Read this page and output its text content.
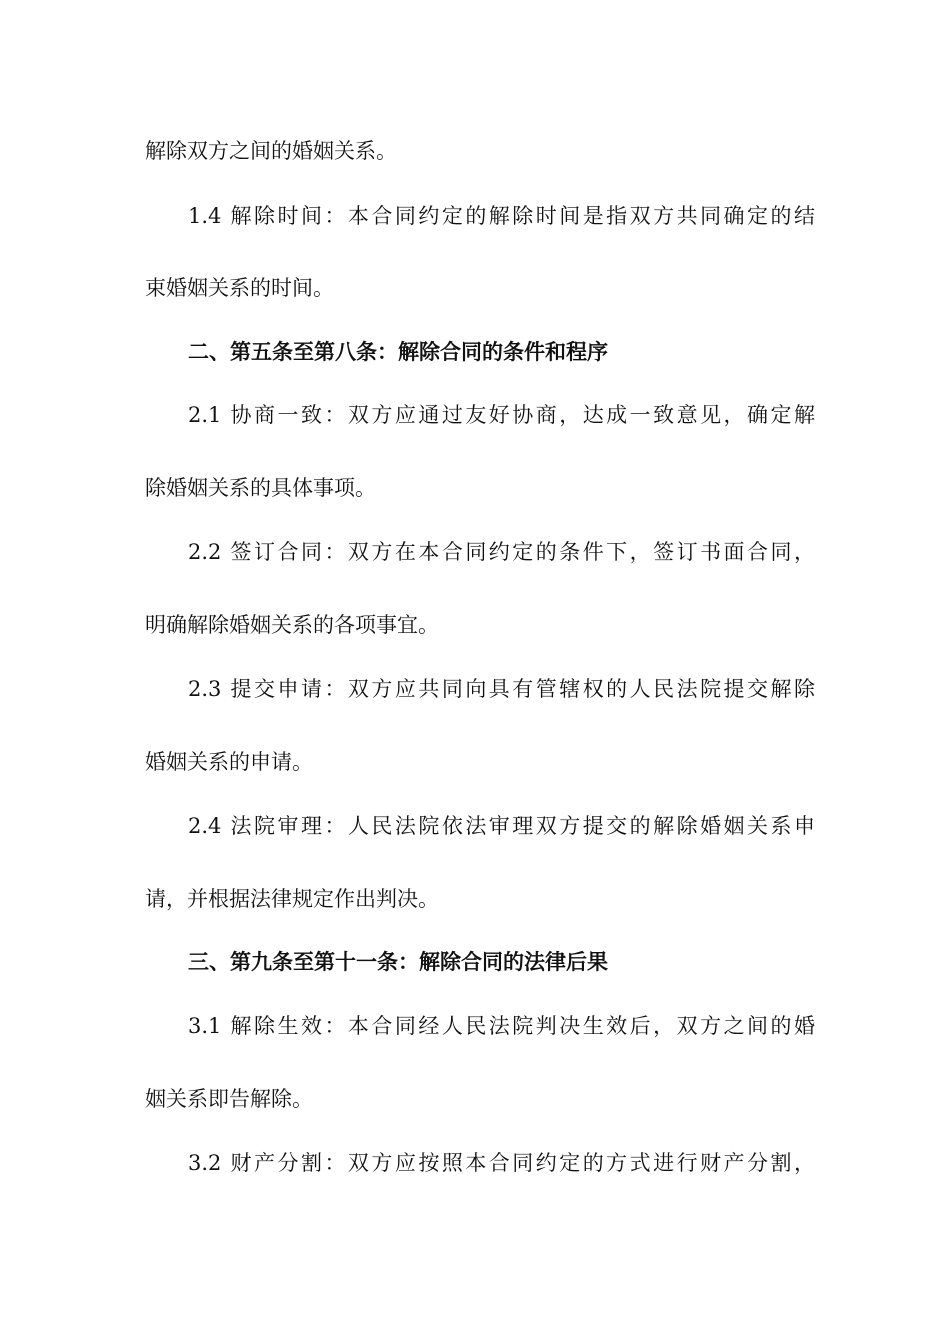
解除双方之间的婚姻关系。
1.4 解除时间：本合同约定的解除时间是指双方共同确定的结
束婚姻关系的时间。
二、第五条至第八条：解除合同的条件和程序
2.1 协商一致：双方应通过友好协商，达成一致意见，确定解
除婚姻关系的具体事项。
2.2 签订合同：双方在本合同约定的条件下，签订书面合同，
明确解除婚姻关系的各项事宜。
2.3 提交申请：双方应共同向具有管辖权的人民法院提交解除
婚姻关系的申请。
2.4 法院审理：人民法院依法审理双方提交的解除婚姻关系申
请，并根据法律规定作出判决。
三、第九条至第十一条：解除合同的法律后果
3.1 解除生效：本合同经人民法院判决生效后，双方之间的婚
姻关系即告解除。
3.2 财产分割：双方应按照本合同约定的方式进行财产分割，
